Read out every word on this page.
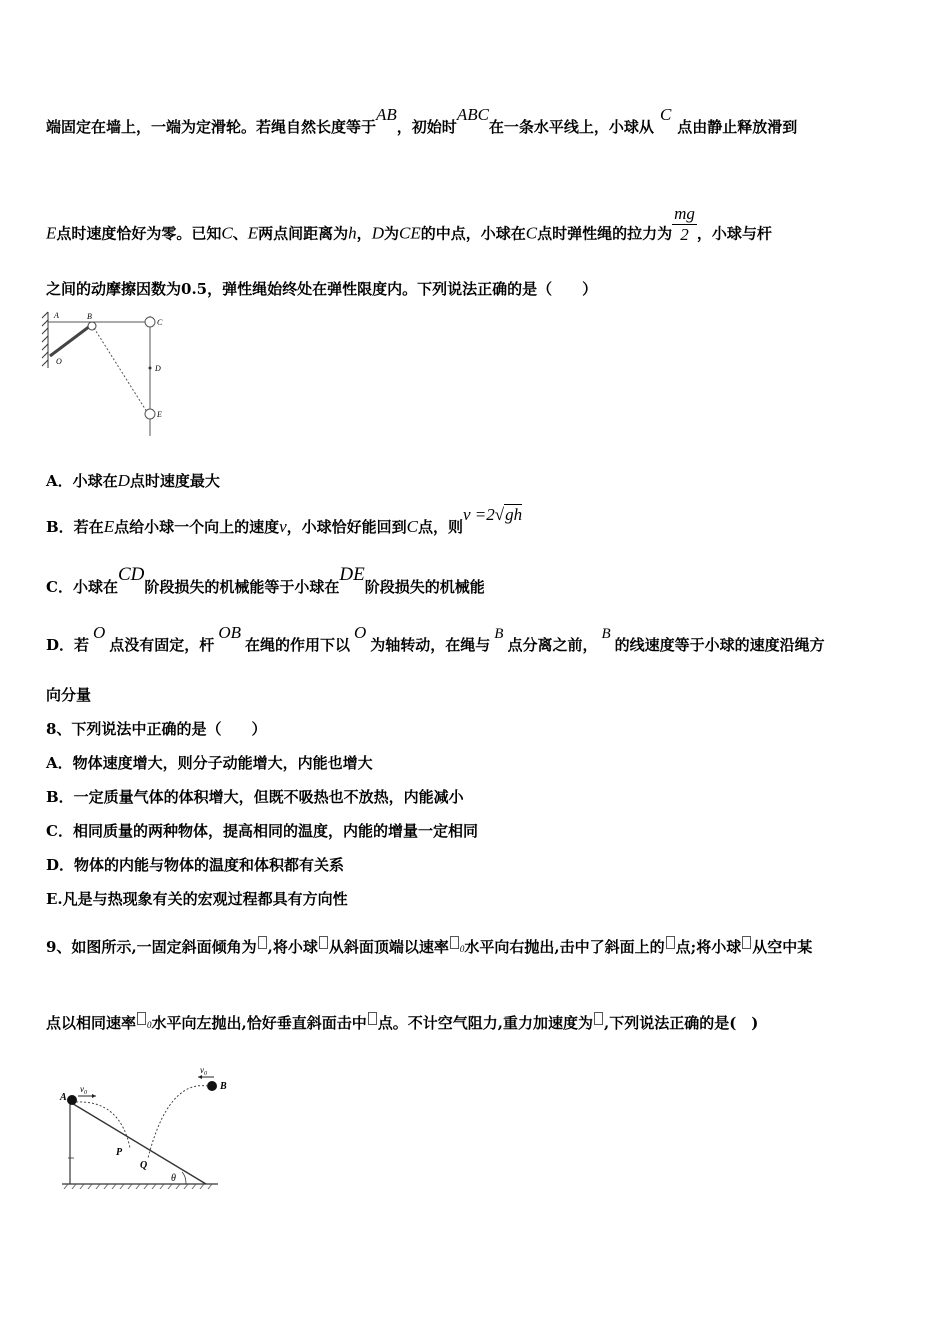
端固定在墙上，一端为定滑轮。若绳自然长度等于AB，初始时ABC在一条水平线上，小球从C点由静止释放滑到
E点时速度恰好为零。已知C、E两点间距离为h，D为CE的中点，小球在C点时弹性绳的拉力为 $\frac{mg}{2}$ ，小球与杆
之间的动摩擦因数为0.5，弹性绳始终处在弹性限度内。下列说法正确的是（　　）
A	B
C
D
E
O
A．小球在D点时速度最大
B．若在E点给小球一个向上的速度v，小球恰好能回到C点，则v =2√gh
C．小球在CD阶段损失的机械能等于小球在DE阶段损失的机械能
D．若O点没有固定，杆OB在绳的作用下以O为轴转动，在绳与B点分离之前，B的线速度等于小球的速度沿绳方
向分量
8、下列说法中正确的是（　　）
A．物体速度增大，则分子动能增大，内能也增大
B．一定质量气体的体积增大，但既不吸热也不放热，内能减小
C．相同质量的两种物体，提高相同的温度，内能的增量一定相同
D．物体的内能与物体的温度和体积都有关系
E.凡是与热现象有关的宏观过程都具有方向性
9、如图所示,一固定斜面倾角为 ,将小球 从斜面顶端以速率 0水平向右抛出,击中了斜面上的 点;将小球 从空中某
点以相同速率 0水平向左抛出,恰好垂直斜面击中 点。不计空气阻力,重力加速度为 ,下列说法正确的是(　)
A
B
P
Q
θ
$v_0$
$v_0$
